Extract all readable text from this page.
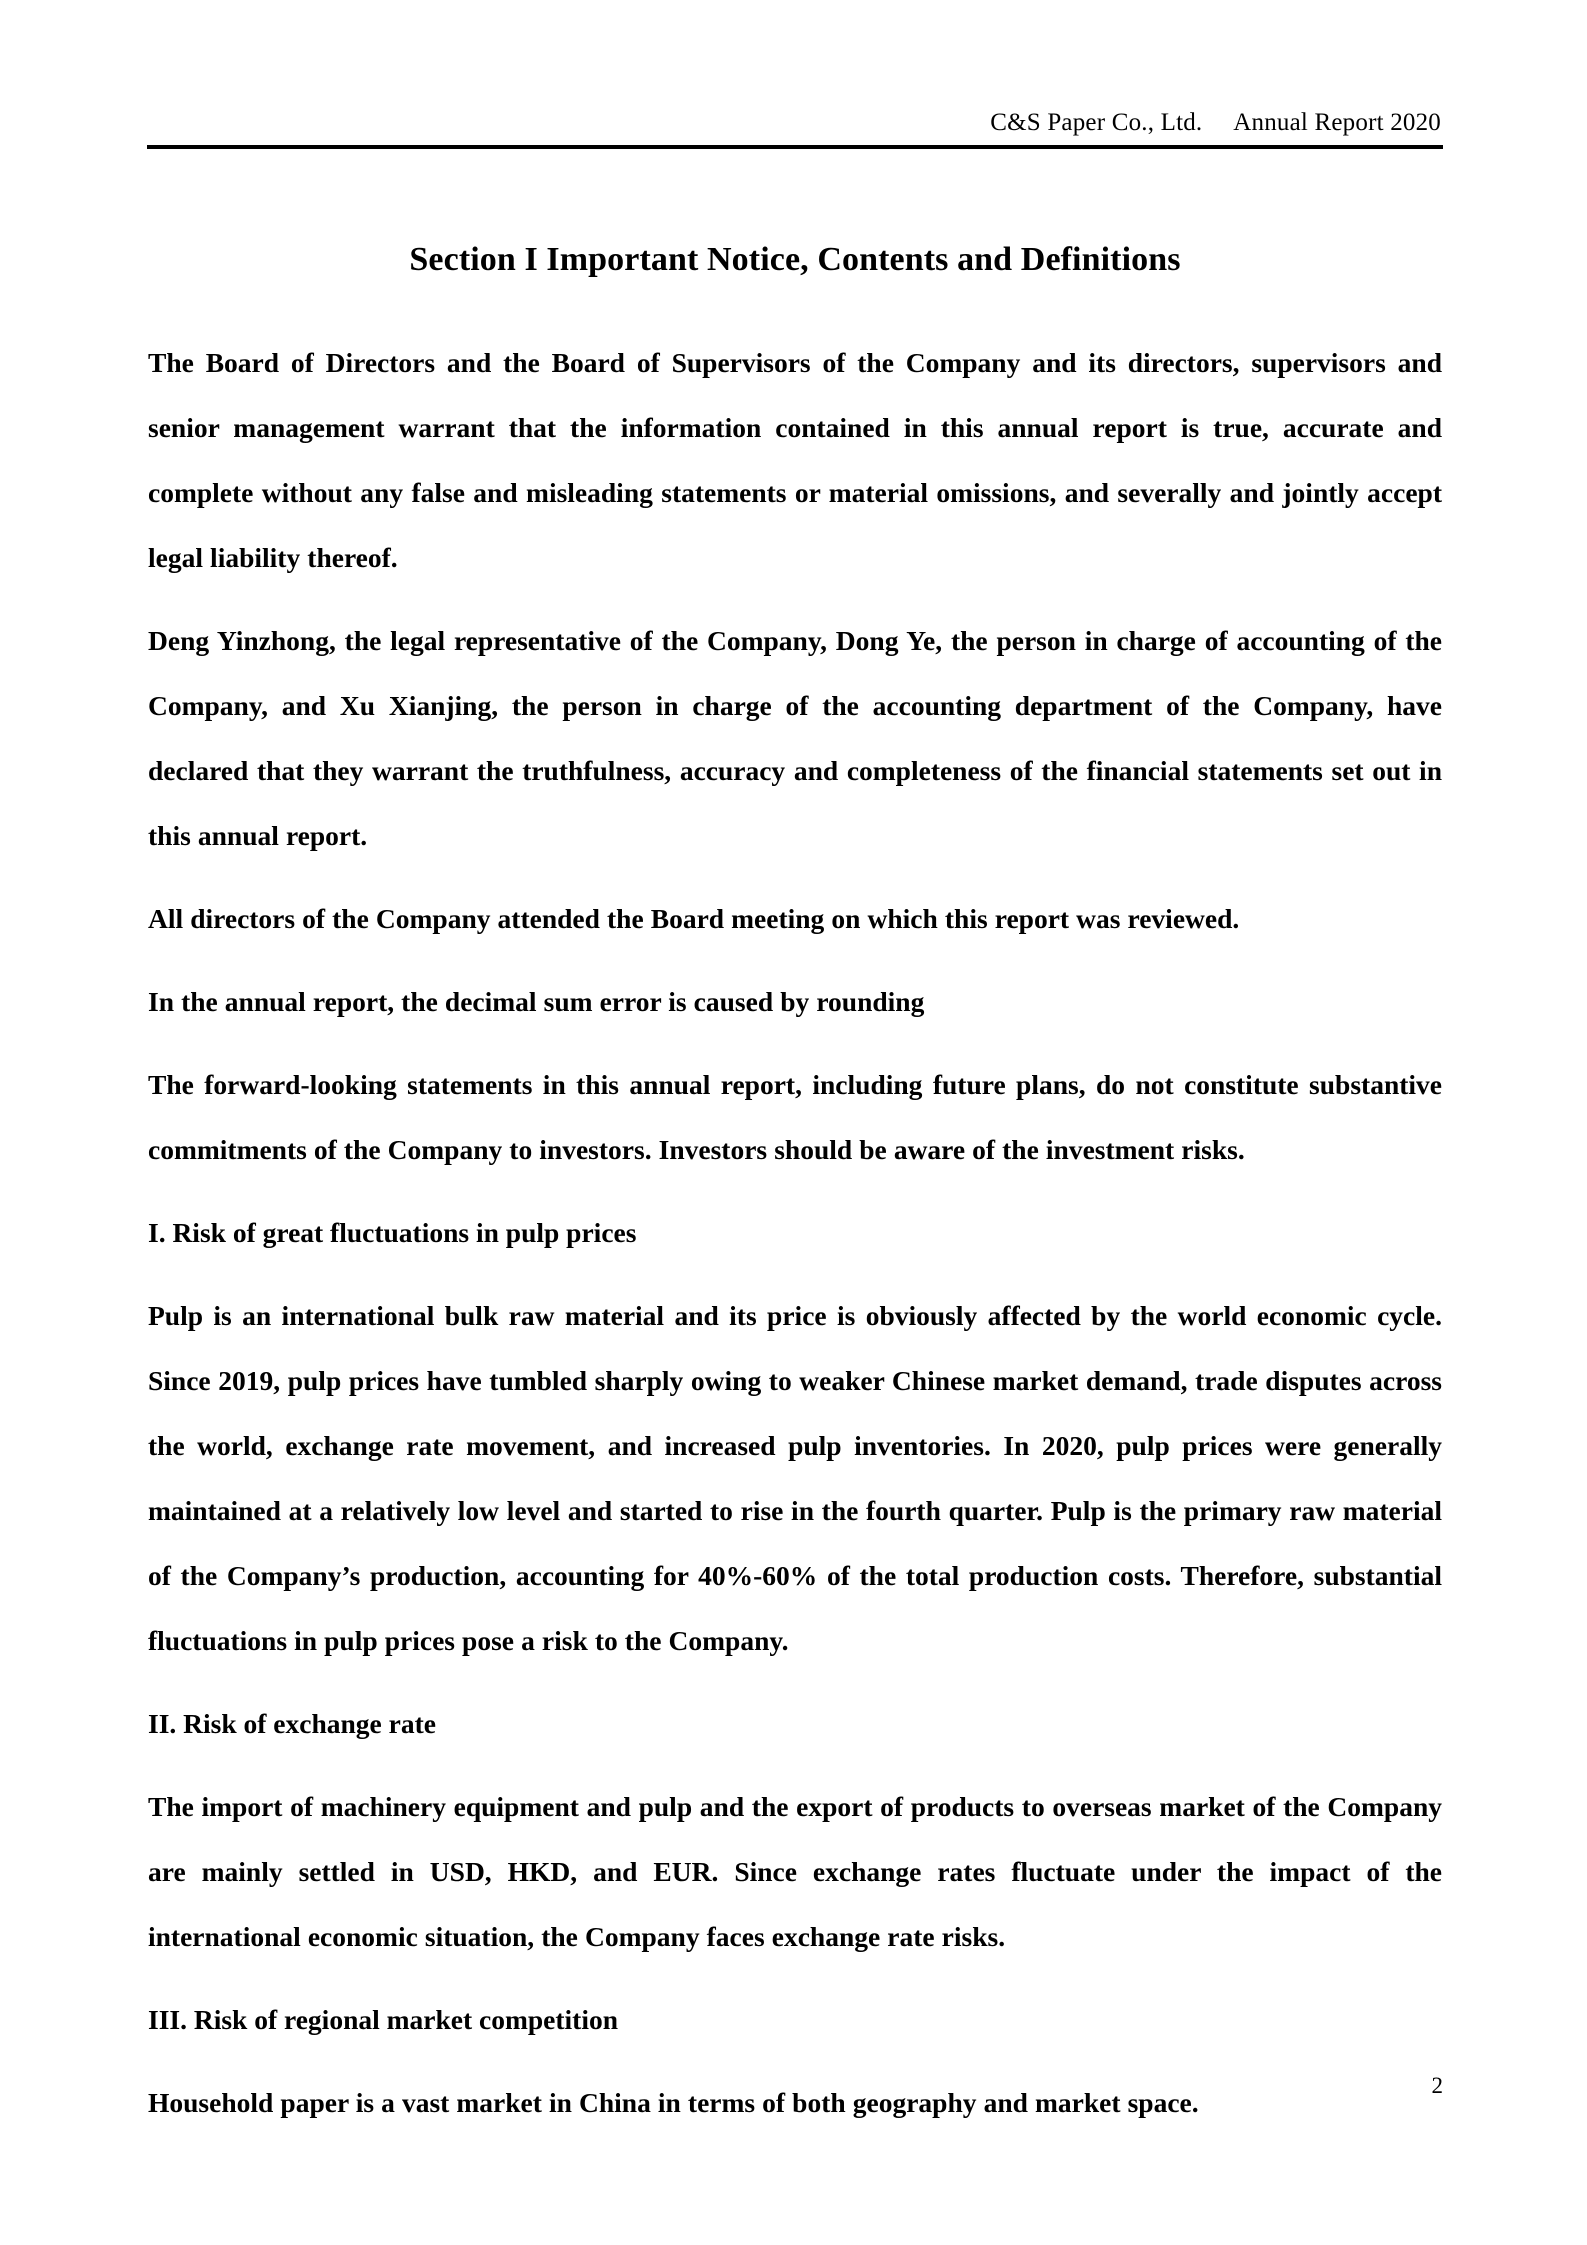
C&S Paper Co., Ltd.     Annual Report 2020
Section I Important Notice, Contents and Definitions

The Board of Directors and the Board of Supervisors of the Company and its directors, supervisors and senior management warrant that the information contained in this annual report is true, accurate and complete without any false and misleading statements or material omissions, and severally and jointly accept legal liability thereof.

Deng Yinzhong, the legal representative of the Company, Dong Ye, the person in charge of accounting of the Company, and Xu Xianjing, the person in charge of the accounting department of the Company, have declared that they warrant the truthfulness, accuracy and completeness of the financial statements set out in this annual report.

All directors of the Company attended the Board meeting on which this report was reviewed.

In the annual report, the decimal sum error is caused by rounding

The forward-looking statements in this annual report, including future plans, do not constitute substantive commitments of the Company to investors. Investors should be aware of the investment risks.

I. Risk of great fluctuations in pulp prices

Pulp is an international bulk raw material and its price is obviously affected by the world economic cycle. Since 2019, pulp prices have tumbled sharply owing to weaker Chinese market demand, trade disputes across the world, exchange rate movement, and increased pulp inventories. In 2020, pulp prices were generally maintained at a relatively low level and started to rise in the fourth quarter. Pulp is the primary raw material of the Company’s production, accounting for 40%-60% of the total production costs. Therefore, substantial fluctuations in pulp prices pose a risk to the Company.

II. Risk of exchange rate

The import of machinery equipment and pulp and the export of products to overseas market of the Company are mainly settled in USD, HKD, and EUR. Since exchange rates fluctuate under the impact of the international economic situation, the Company faces exchange rate risks.

III. Risk of regional market competition

Household paper is a vast market in China in terms of both geography and market space.

2
